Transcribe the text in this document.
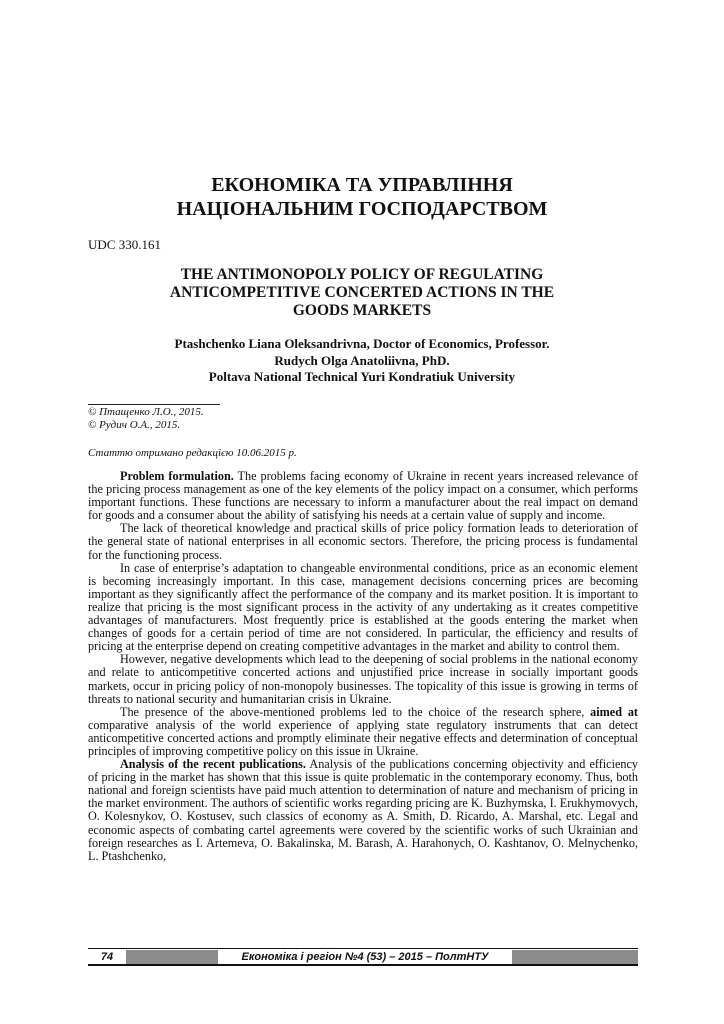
ЕКОНОМІКА ТА УПРАВЛІННЯ
НАЦІОНАЛЬНИМ ГОСПОДАРСТВОМ
UDC 330.161
THE ANTIMONOPOLY POLICY OF REGULATING
ANTICOMPETITIVE CONCERTED ACTIONS IN THE
GOODS MARKETS
Ptashchenko Liana Oleksandrivna, Doctor of Economics, Professor.
Rudych Olga Anatoliivna, PhD.
Poltava National Technical Yuri Kondratiuk University
© Птащенко Л.О., 2015.
© Рудич О.А., 2015.
Статтю отримано редакцією 10.06.2015 р.

Problem formulation. The problems facing economy of Ukraine in recent years increased relevance of the pricing process management as one of the key elements of the policy impact on a consumer, which performs important functions. These functions are necessary to inform a manufacturer about the real impact on demand for goods and a consumer about the ability of satisfying his needs at a certain value of supply and income.

The lack of theoretical knowledge and practical skills of price policy formation leads to deterioration of the general state of national enterprises in all economic sectors. Therefore, the pricing process is fundamental for the functioning process.

In case of enterprise’s adaptation to changeable environmental conditions, price as an economic element is becoming increasingly important. In this case, management decisions concerning prices are becoming important as they significantly affect the performance of the company and its market position. It is important to realize that pricing is the most significant process in the activity of any undertaking as it creates competitive advantages of manufacturers. Most frequently price is established at the goods entering the market when changes of goods for a certain period of time are not considered. In particular, the efficiency and results of pricing at the enterprise depend on creating competitive advantages in the market and ability to control them.

However, negative developments which lead to the deepening of social problems in the national economy and relate to anticompetitive concerted actions and unjustified price increase in socially important goods markets, occur in pricing policy of non-monopoly businesses. The topicality of this issue is growing in terms of threats to national security and humanitarian crisis in Ukraine.

The presence of the above-mentioned problems led to the choice of the research sphere, aimed at comparative analysis of the world experience of applying state regulatory instruments that can detect anticompetitive concerted actions and promptly eliminate their negative effects and determination of conceptual principles of improving competitive policy on this issue in Ukraine.

Analysis of the recent publications. Analysis of the publications concerning objectivity and efficiency of pricing in the market has shown that this issue is quite problematic in the contemporary economy. Thus, both national and foreign scientists have paid much attention to determination of nature and mechanism of pricing in the market environment. The authors of scientific works regarding pricing are K. Buzhymska, I. Erukhymovych, O. Kolesnykov, O. Kostusev, such classics of economy as A. Smith, D. Ricardo, A. Marshal, etc. Legal and economic aspects of combating cartel agreements were covered by the scientific works of such Ukrainian and foreign researches as I. Artemeva, O. Bakalinska, M. Barash, A. Harahonych, O. Kashtanov, O. Melnychenko, L. Ptashchenko,

74	Економіка і регіон №4 (53) – 2015 – ПолтНТУ
